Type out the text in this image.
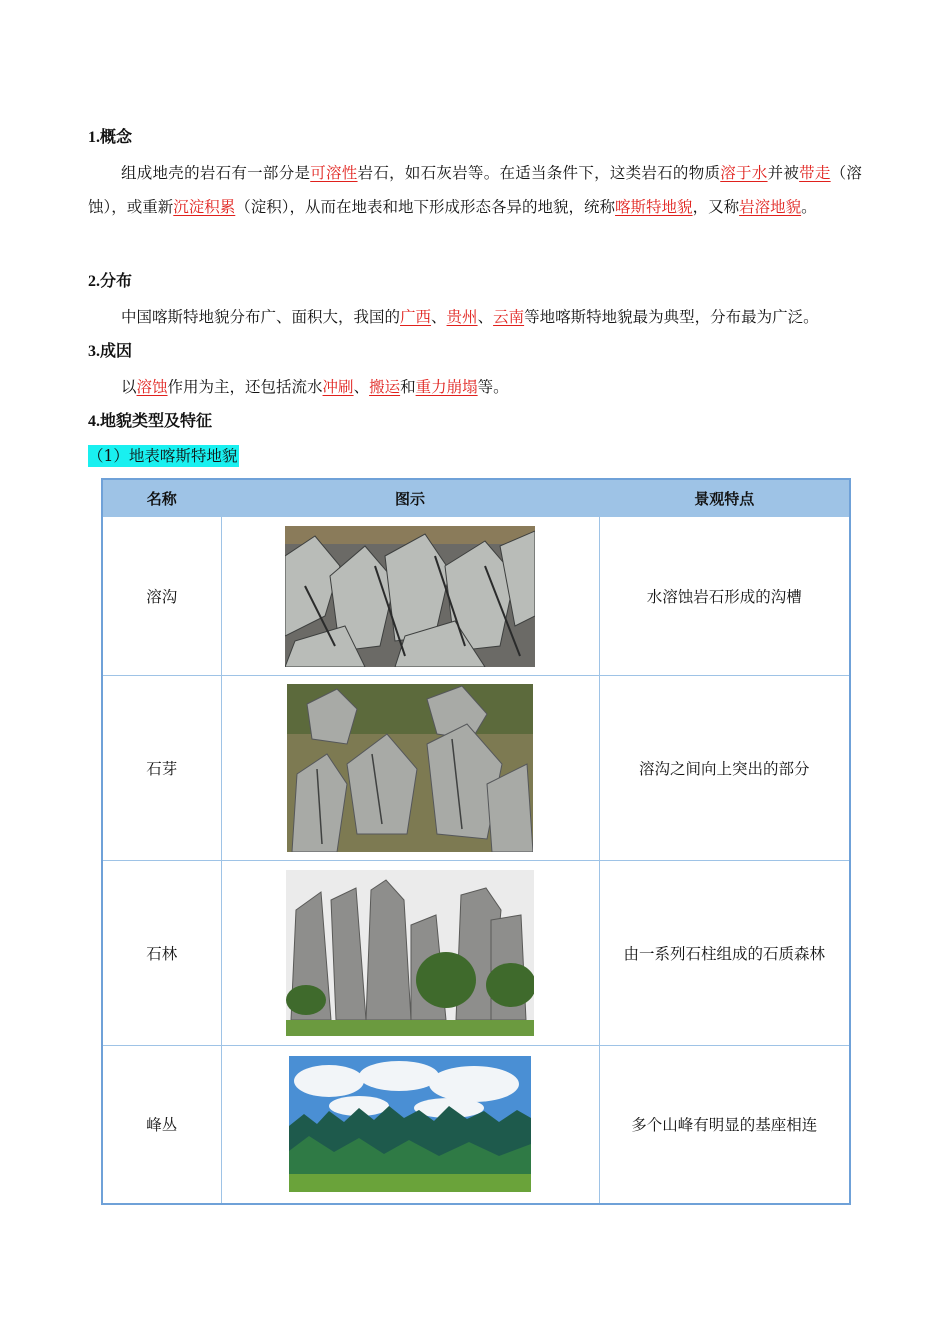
1.概念
组成地壳的岩石有一部分是可溶性岩石，如石灰岩等。在适当条件下，这类岩石的物质溶于水并被带走（溶蚀），或重新沉淀积累（淀积），从而在地表和地下形成形态各异的地貌，统称喀斯特地貌，又称岩溶地貌。
2.分布
中国喀斯特地貌分布广、面积大，我国的广西、贵州、云南等地喀斯特地貌最为典型，分布最为广泛。
3.成因
以溶蚀作用为主，还包括流水冲刷、搬运和重力崩塌等。
4.地貌类型及特征
（1）地表喀斯特地貌
名称	图示	景观特点
溶沟		水溶蚀岩石形成的沟槽
石芽		溶沟之间向上突出的部分
石林		由一系列石柱组成的石质森林
峰丛		多个山峰有明显的基座相连
